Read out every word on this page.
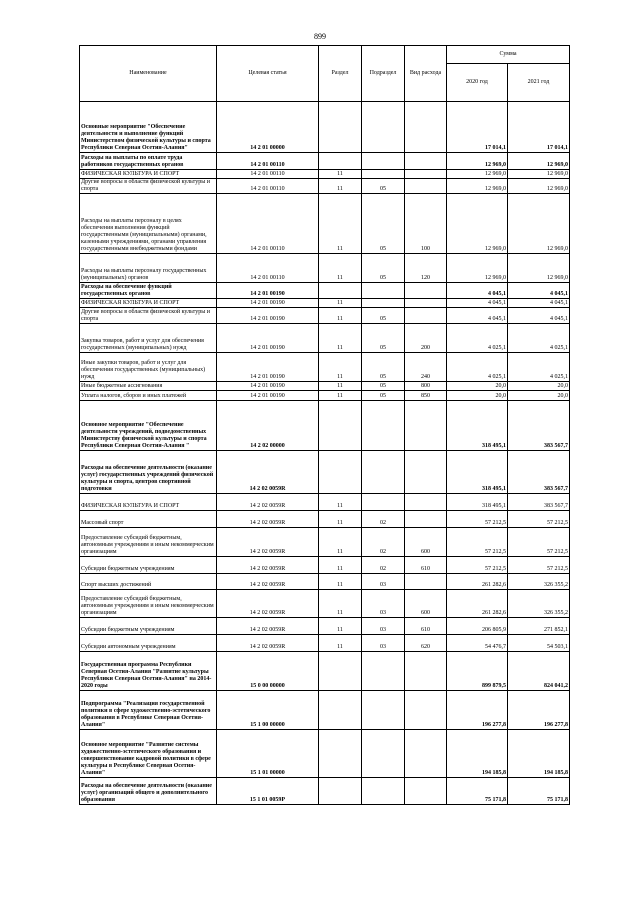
899
Наименование	Целевая статья	Раздел	Подраздел	Вид расхода	Сумма	
					2020 год	2021 год
Основные мероприятие "Обеспечение деятельности и выполнение функций Министерством физической культуры и спорта Республики Северная Осетия-Алания"	14 2 01 00000				17 014,1	17 014,1
Расходы на выплаты по оплате труда работников государственных органов	14 2 01 00110				12 969,0	12 969,0
ФИЗИЧЕСКАЯ КУЛЬТУРА И СПОРТ	14 2 01 00110	11			12 969,0	12 969,0
Другие вопросы в области физической культуры и спорта	14 2 01 00110	11	05		12 969,0	12 969,0
Расходы на выплаты персоналу в целях обеспечения выполнения функций государственными (муниципальными) органами, казенными учреждениями, органами управления государственными внебюджетными фондами	14 2 01 00110	11	05	100	12 969,0	12 969,0
Расходы на выплаты персоналу государственных (муниципальных) органов	14 2 01 00110	11	05	120	12 969,0	12 969,0
Расходы на обеспечение функций государственных органов	14 2 01 00190				4 045,1	4 045,1
ФИЗИЧЕСКАЯ КУЛЬТУРА И СПОРТ	14 2 01 00190	11			4 045,1	4 045,1
Другие вопросы в области физической культуры и спорта	14 2 01 00190	11	05		4 045,1	4 045,1
Закупка товаров, работ и услуг для обеспечения государственных (муниципальных) нужд	14 2 01 00190	11	05	200	4 025,1	4 025,1
Иные закупки товаров, работ и услуг для обеспечения государственных (муниципальных) нужд	14 2 01 00190	11	05	240	4 025,1	4 025,1
Иные бюджетные ассигнования	14 2 01 00190	11	05	800	20,0	20,0
Уплата налогов, сборов и иных платежей	14 2 01 00190	11	05	850	20,0	20,0
Основное мероприятие "Обеспечение деятельности учреждений, подведомственных Министерству физической культуры и спорта Республики Северная Осетия-Алания "	14 2 02 00000				318 495,1	383 567,7
Расходы на обеспечение деятельности (оказание услуг) государственных учреждений физической культуры и спорта, центров спортивной подготовки	14 2 02 0059R				318 495,1	383 567,7
ФИЗИЧЕСКАЯ КУЛЬТУРА И СПОРТ	14 2 02 0059R	11			318 495,1	383 567,7
Массовый спорт	14 2 02 0059R	11	02		57 212,5	57 212,5
Предоставление субсидий бюджетным, автономным учреждениям и иным некоммерческим организациям	14 2 02 0059R	11	02	600	57 212,5	57 212,5
Субсидии бюджетным учреждениям	14 2 02 0059R	11	02	610	57 212,5	57 212,5
Спорт высших достижений	14 2 02 0059R	11	03		261 282,6	326 355,2
Предоставление субсидий бюджетным, автономным учреждениям и иным некоммерческим организациям	14 2 02 0059R	11	03	600	261 282,6	326 355,2
Субсидии бюджетным учреждениям	14 2 02 0059R	11	03	610	206 805,9	271 852,1
Субсидии автономным учреждениям	14 2 02 0059R	11	03	620	54 476,7	54 503,1
Государственная программа Республики Северная Осетия-Алания "Развитие культуры Республики Северная Осетия-Алания" на 2014-2020 годы	15 0 00 00000				899 879,5	824 041,2
Подпрограмма "Реализация государственной политики в сфере художественно-эстетического образования в Республике Северная Осетия-Алания"	15 1 00 00000				196 277,8	196 277,8
Основное мероприятие "Развитие системы художественно-эстетического образования и совершенствование кадровой политики в сфере культуры в Республике Северная Осетия-Алания"	15 1 01 00000				194 185,8	194 185,8
Расходы на обеспечение деятельности (оказание услуг) организаций общего и дополнительного образования	15 1 01 0059Р				75 171,8	75 171,8
